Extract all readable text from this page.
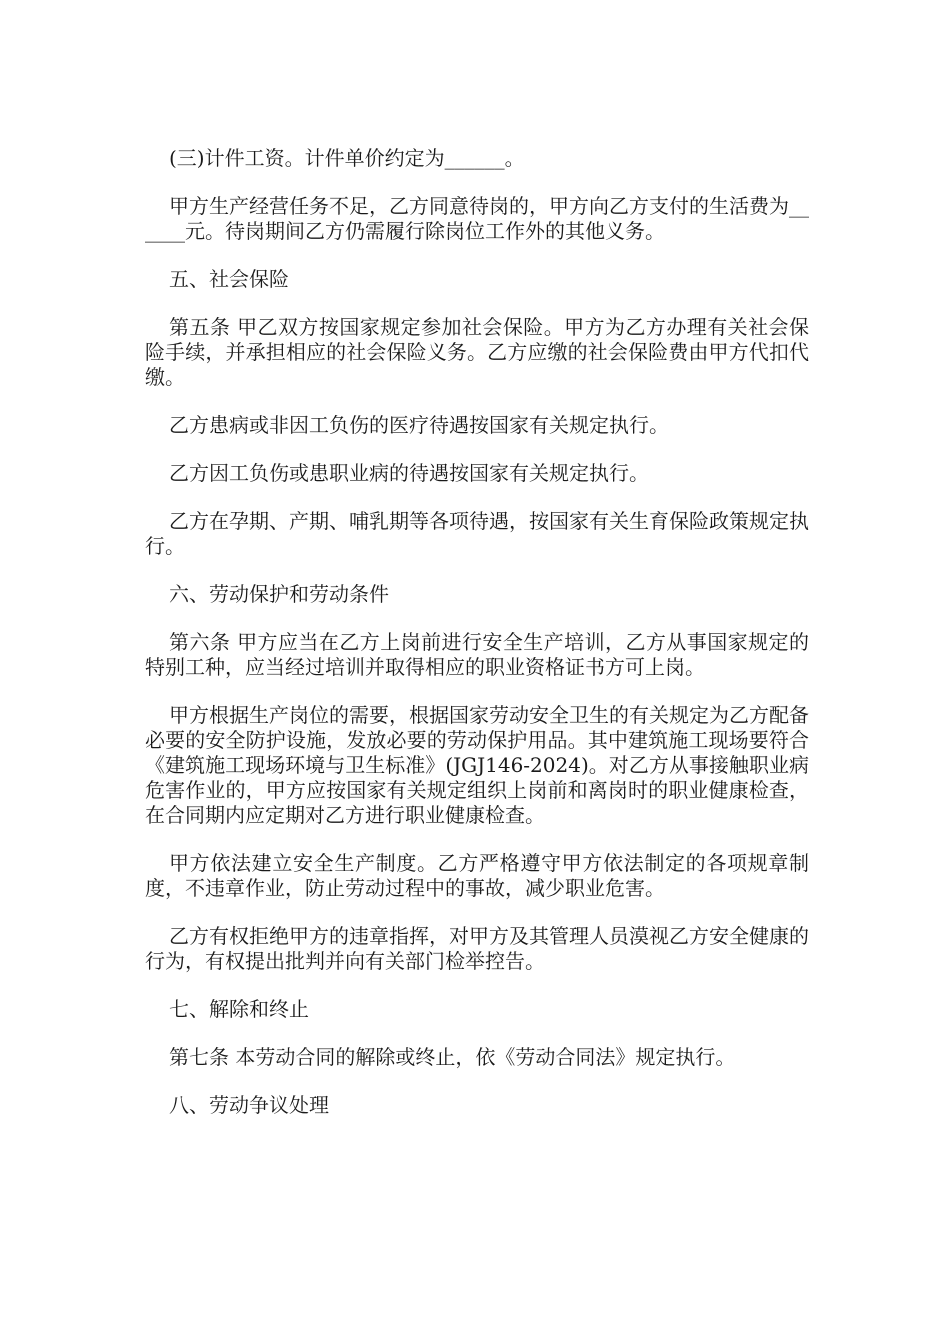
(三)计件工资。计件单价约定为______。

甲方生产经营任务不足，乙方同意待岗的，甲方向乙方支付的生活费为______元。待岗期间乙方仍需履行除岗位工作外的其他义务。

五、社会保险

第五条 甲乙双方按国家规定参加社会保险。甲方为乙方办理有关社会保险手续，并承担相应的社会保险义务。乙方应缴的社会保险费由甲方代扣代缴。

乙方患病或非因工负伤的医疗待遇按国家有关规定执行。

乙方因工负伤或患职业病的待遇按国家有关规定执行。

乙方在孕期、产期、哺乳期等各项待遇，按国家有关生育保险政策规定执行。

六、劳动保护和劳动条件

第六条 甲方应当在乙方上岗前进行安全生产培训，乙方从事国家规定的特别工种，应当经过培训并取得相应的职业资格证书方可上岗。

甲方根据生产岗位的需要，根据国家劳动安全卫生的有关规定为乙方配备必要的安全防护设施，发放必要的劳动保护用品。其中建筑施工现场要符合《建筑施工现场环境与卫生标准》(JGJ146-2024)。对乙方从事接触职业病危害作业的，甲方应按国家有关规定组织上岗前和离岗时的职业健康检查，在合同期内应定期对乙方进行职业健康检查。

甲方依法建立安全生产制度。乙方严格遵守甲方依法制定的各项规章制度，不违章作业，防止劳动过程中的事故，减少职业危害。

乙方有权拒绝甲方的违章指挥，对甲方及其管理人员漠视乙方安全健康的行为，有权提出批判并向有关部门检举控告。

七、解除和终止

第七条 本劳动合同的解除或终止，依《劳动合同法》规定执行。

八、劳动争议处理
